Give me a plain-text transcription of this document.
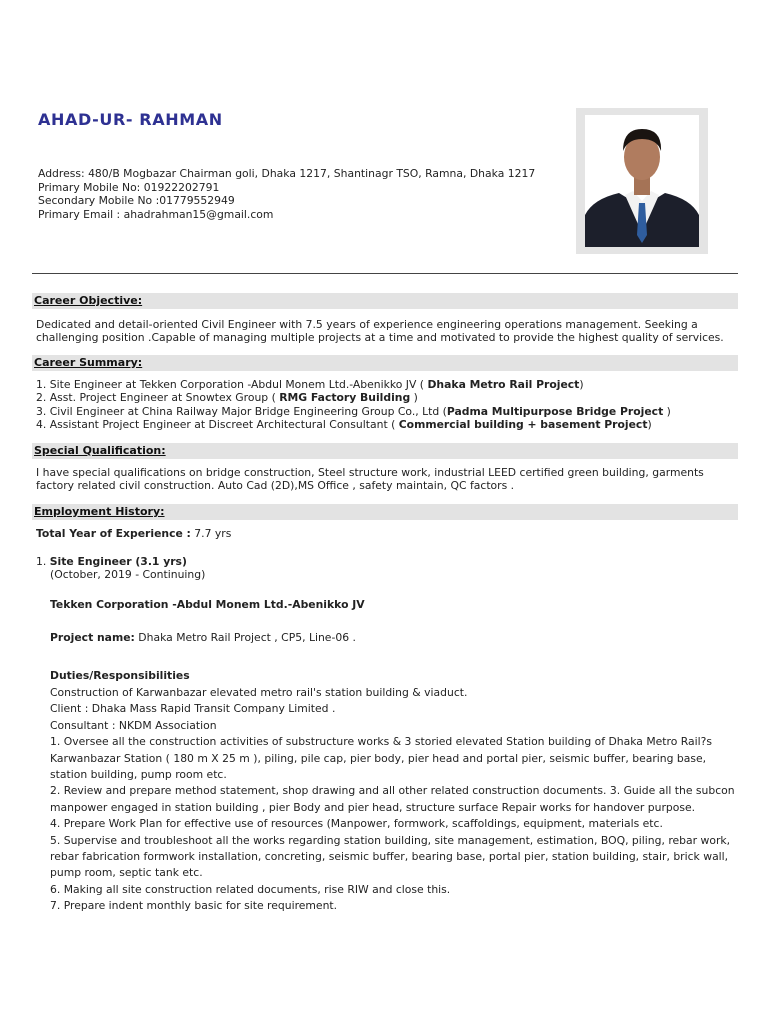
AHAD-UR- RAHMAN
Address: 480/B Mogbazar Chairman goli, Dhaka 1217, Shantinagr TSO, Ramna, Dhaka 1217
Primary Mobile No: 01922202791
Secondary Mobile No :01779552949
Primary Email : ahadrahman15@gmail.com
Career Objective:

Dedicated and detail-oriented Civil Engineer with 7.5 years of experience engineering operations management. Seeking a

challenging position .Capable of managing multiple projects at a time and motivated to provide the highest quality of services.

Career Summary:
1. Site Engineer at Tekken Corporation -Abdul Monem Ltd.-Abenikko JV ( Dhaka Metro Rail Project)
2. Asst. Project Engineer at Snowtex Group ( RMG Factory Building )
3. Civil Engineer at China Railway Major Bridge Engineering Group Co., Ltd (Padma Multipurpose Bridge Project )
4. Assistant Project Engineer at Discreet Architectural Consultant ( Commercial building + basement Project)
Special Qualification:

I have special qualifications on bridge construction, Steel structure work, industrial LEED certified green building, garments

factory related civil construction. Auto Cad (2D),MS Office , safety maintain, QC factors .

Employment History:
Total Year of Experience : 7.7 yrs
1. Site Engineer (3.1 yrs)
(October, 2019 - Continuing)
Tekken Corporation -Abdul Monem Ltd.-Abenikko JV
Project name: Dhaka Metro Rail Project , CP5, Line-06 .
Duties/Responsibilities
Construction of Karwanbazar elevated metro rail's station building & viaduct.
Client : Dhaka Mass Rapid Transit Company Limited .
Consultant : NKDM Association
1. Oversee all the construction activities of substructure works & 3 storied elevated Station building of Dhaka Metro Rail?s
Karwanbazar Station ( 180 m X 25 m ), piling, pile cap, pier body, pier head and portal pier, seismic buffer, bearing base,
station building, pump room etc.
2. Review and prepare method statement, shop drawing and all other related construction documents. 3. Guide all the subcon
manpower engaged in station building , pier Body and pier head, structure surface Repair works for handover purpose.
4. Prepare Work Plan for effective use of resources (Manpower, formwork, scaffoldings, equipment, materials etc.
5. Supervise and troubleshoot all the works regarding station building, site management, estimation, BOQ, piling, rebar work,
rebar fabrication formwork installation, concreting, seismic buffer, bearing base, portal pier, station building, stair, brick wall,
pump room, septic tank etc.
6. Making all site construction related documents, rise RIW and close this.
7. Prepare indent monthly basic for site requirement.
